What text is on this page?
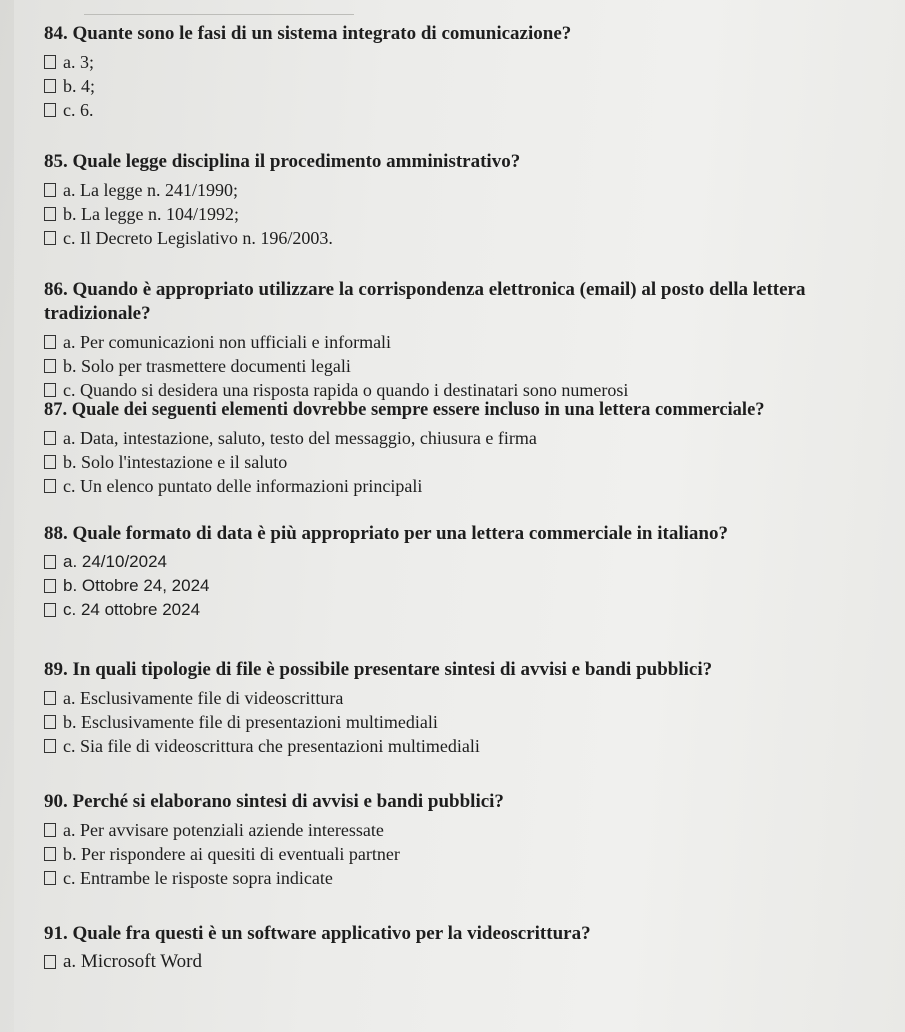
84. Quante sono le fasi di un sistema integrato di comunicazione?
a. 3;
b. 4;
c. 6.
85. Quale legge disciplina il procedimento amministrativo?
a. La legge n. 241/1990;
b. La legge n. 104/1992;
c. Il Decreto Legislativo n. 196/2003.
86. Quando è appropriato utilizzare la corrispondenza elettronica (email) al posto della lettera tradizionale?
a. Per comunicazioni non ufficiali e informali
b. Solo per trasmettere documenti legali
c. Quando si desidera una risposta rapida o quando i destinatari sono numerosi
87. Quale dei seguenti elementi dovrebbe sempre essere incluso in una lettera commerciale?
a. Data, intestazione, saluto, testo del messaggio, chiusura e firma
b. Solo l'intestazione e il saluto
c. Un elenco puntato delle informazioni principali
88. Quale formato di data è più appropriato per una lettera commerciale in italiano?
a. 24/10/2024
b. Ottobre 24, 2024
c. 24 ottobre 2024
89. In quali tipologie di file è possibile presentare sintesi di avvisi e bandi pubblici?
a. Esclusivamente file di videoscrittura
b. Esclusivamente file di presentazioni multimediali
c. Sia file di videoscrittura che presentazioni multimediali
90. Perché si elaborano sintesi di avvisi e bandi pubblici?
a. Per avvisare potenziali aziende interessate
b. Per rispondere ai quesiti di eventuali partner
c. Entrambe le risposte sopra indicate
91. Quale fra questi è un software applicativo per la videoscrittura?
a. Microsoft Word
